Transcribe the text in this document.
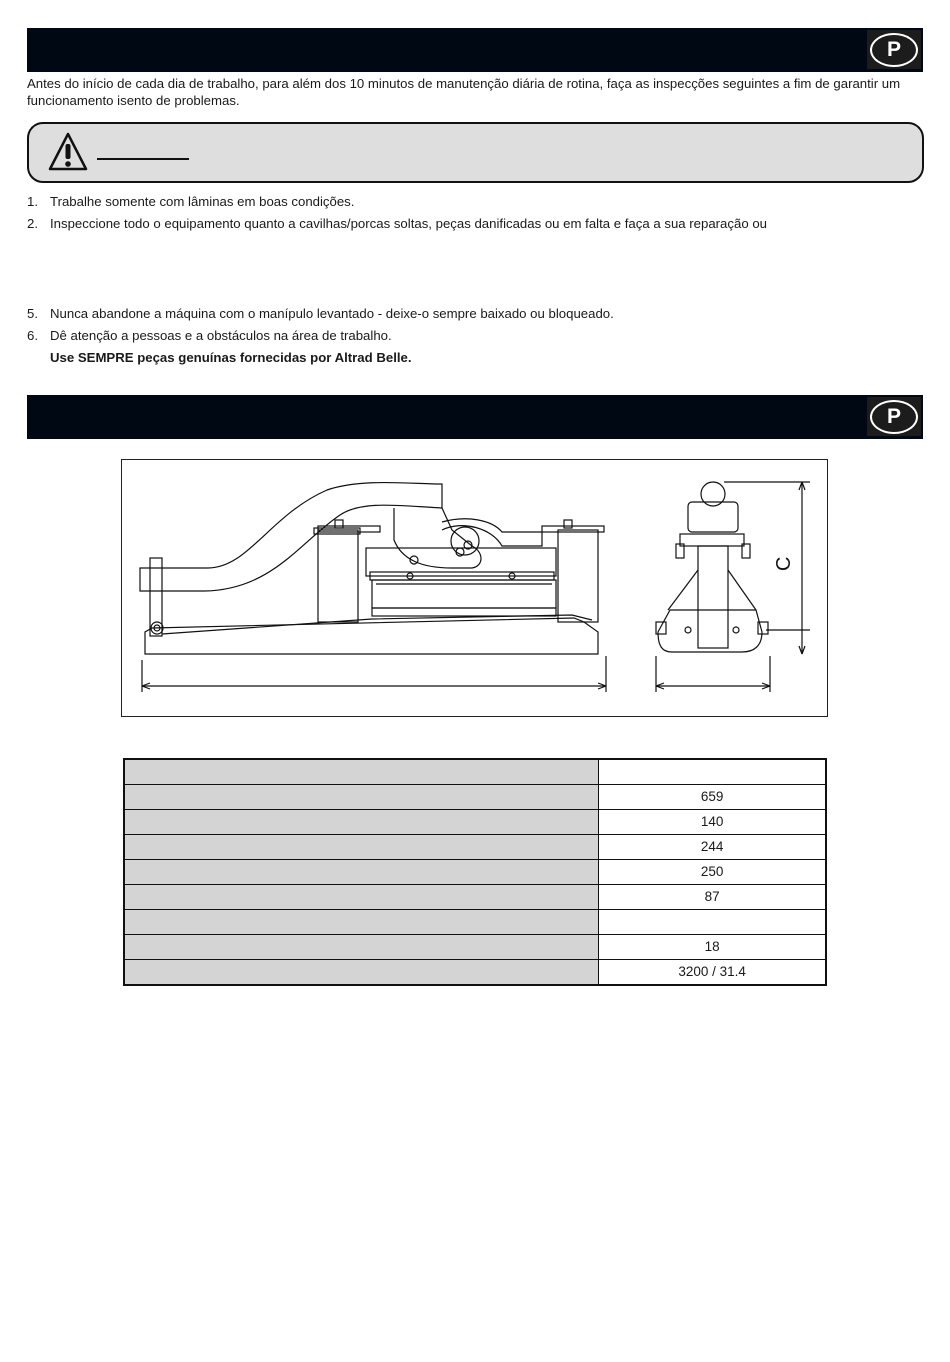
P

Antes do início de cada dia de trabalho, para além dos 10 minutos de manutenção diária de rotina, faça as inspecções seguintes a fim de garantir um funcionamento isento de problemas.

1. Trabalhe somente com lâminas em boas condições.
2. Inspeccione todo o equipamento quanto a cavilhas/porcas soltas, peças danificadas ou em falta e faça a sua reparação ou
5. Nunca abandone a máquina com o manípulo levantado - deixe-o sempre baixado ou bloqueado.
6. Dê atenção a pessoas e a obstáculos na área de trabalho.
Use SEMPRE peças genuínas fornecidas por Altrad Belle.
P
C

	659
	140
	244
	250
	87

	18
	3200 / 31.4
